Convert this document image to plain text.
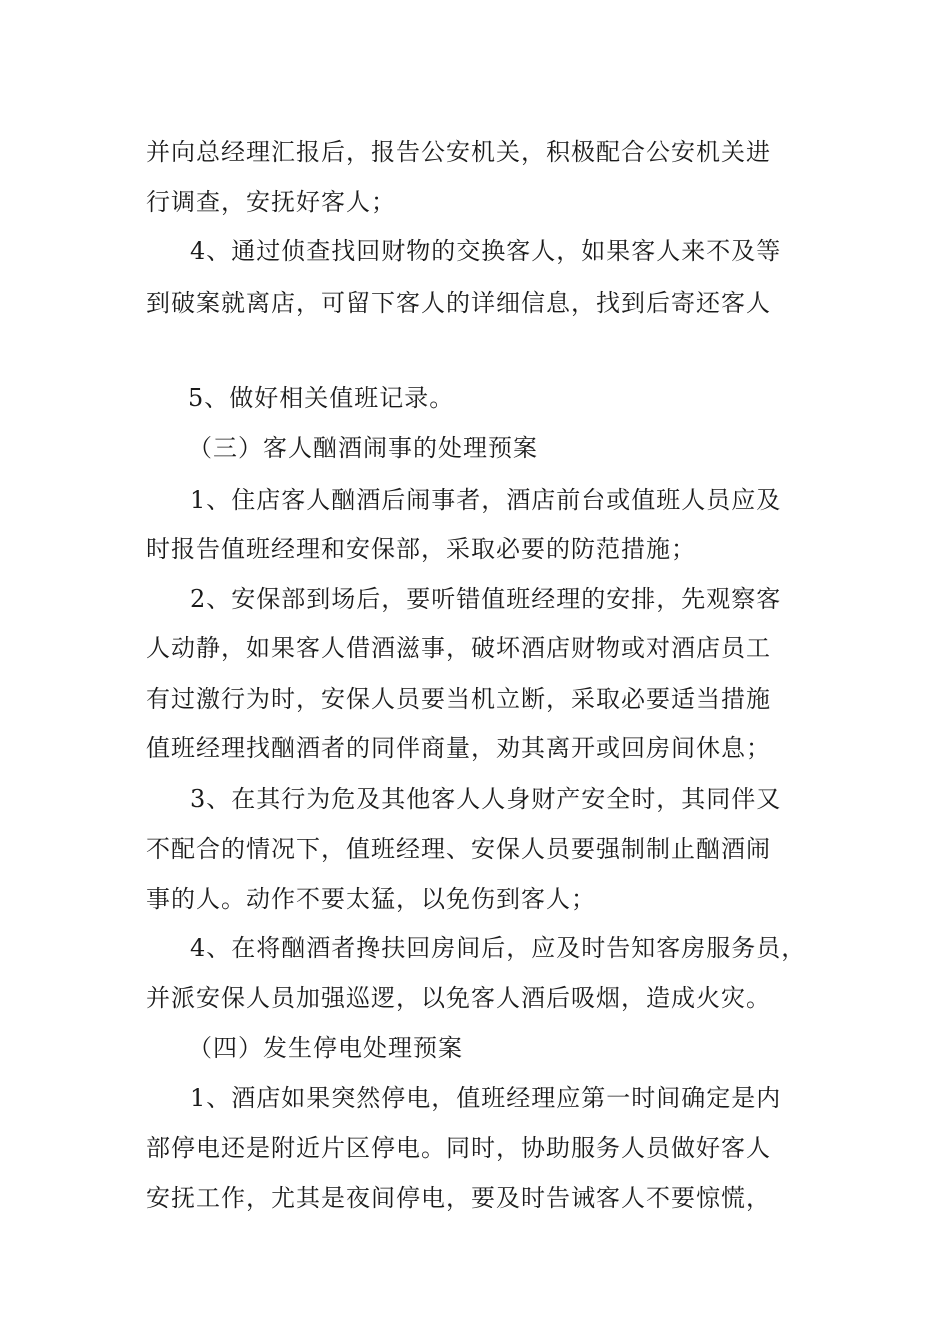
并向总经理汇报后，报告公安机关，积极配合公安机关进
行调查，安抚好客人；
4、通过侦查找回财物的交换客人，如果客人来不及等
到破案就离店，可留下客人的详细信息，找到后寄还客人
5、做好相关值班记录。
（三）客人酗酒闹事的处理预案
1、住店客人酗酒后闹事者，酒店前台或值班人员应及
时报告值班经理和安保部，采取必要的防范措施；
2、安保部到场后，要听错值班经理的安排，先观察客
人动静，如果客人借酒滋事，破坏酒店财物或对酒店员工
有过激行为时，安保人员要当机立断，采取必要适当措施
值班经理找酗酒者的同伴商量，劝其离开或回房间休息；
3、在其行为危及其他客人人身财产安全时，其同伴又
不配合的情况下，值班经理、安保人员要强制制止酗酒闹
事的人。动作不要太猛，以免伤到客人；
4、在将酗酒者搀扶回房间后，应及时告知客房服务员，
并派安保人员加强巡逻，以免客人酒后吸烟，造成火灾。
（四）发生停电处理预案
1、酒店如果突然停电，值班经理应第一时间确定是内
部停电还是附近片区停电。同时，协助服务人员做好客人
安抚工作，尤其是夜间停电，要及时告诫客人不要惊慌，
